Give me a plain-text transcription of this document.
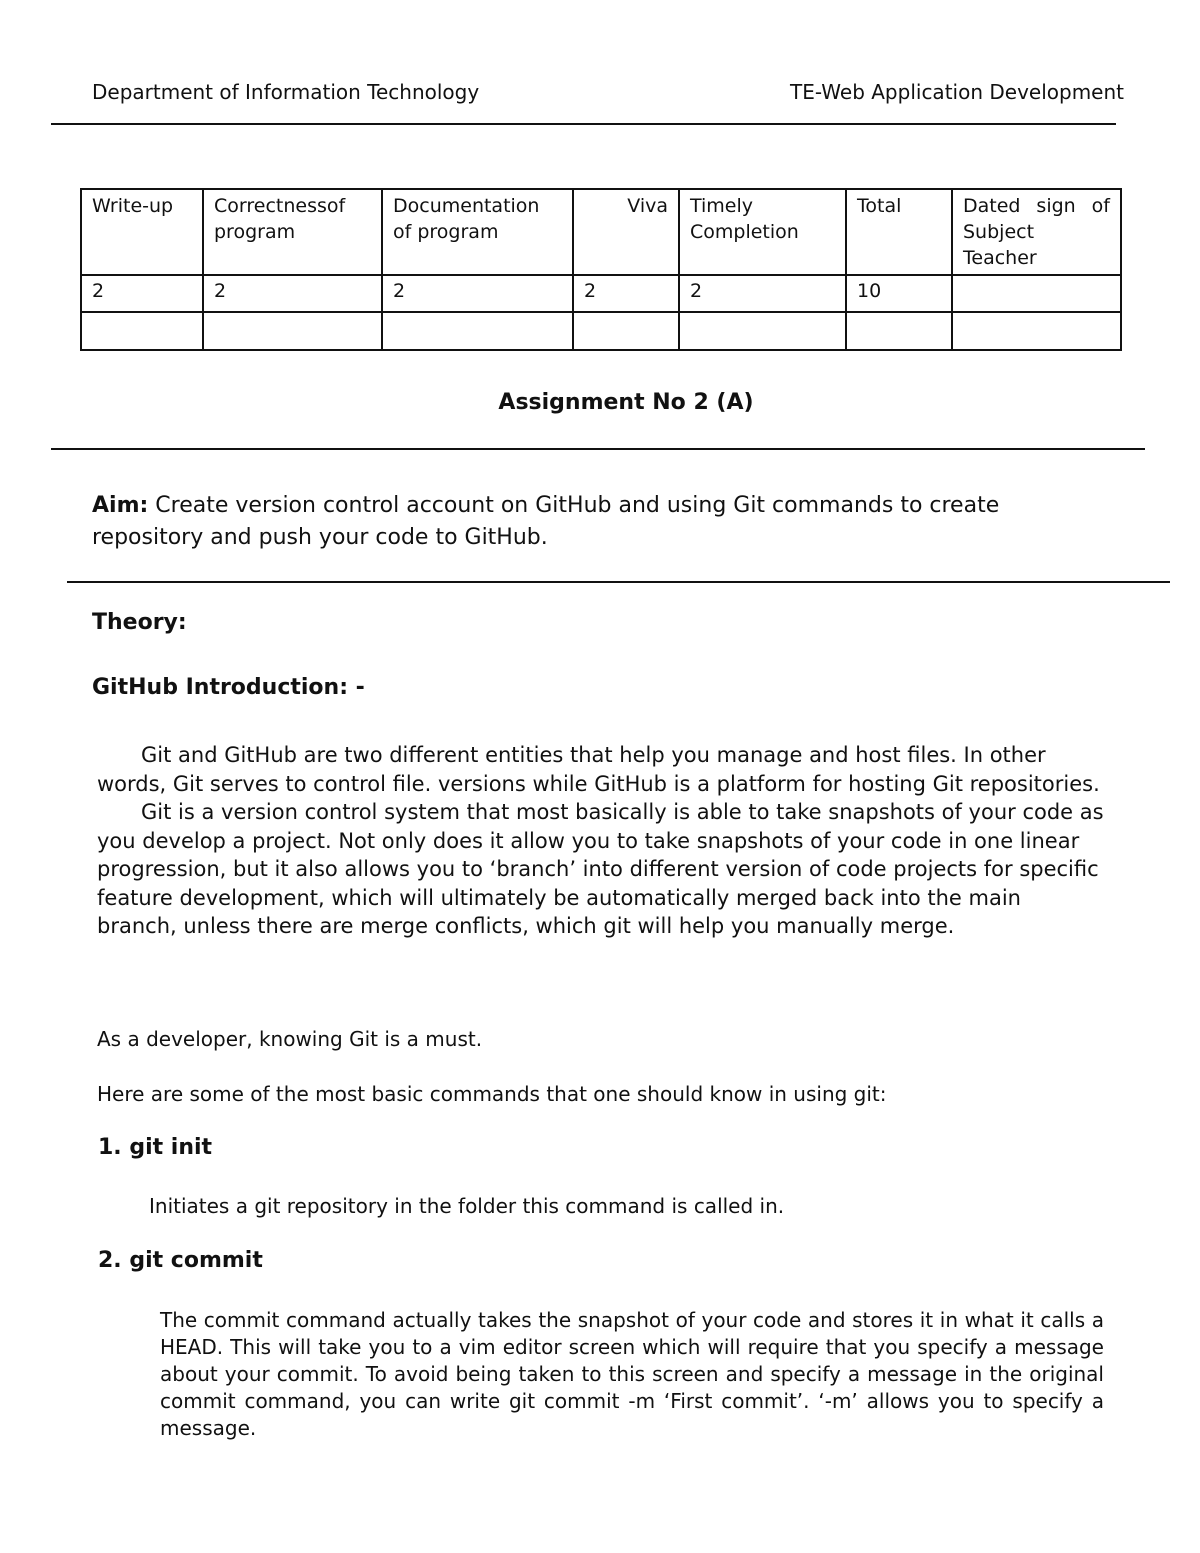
Department of Information Technology	TE-Web Application Development
Write-up	Correctnessof program	Documentation of program	Viva	Timely Completion	Total	Dated sign of Subject Teacher
2	2	2	2	2	10	

Assignment No 2 (A)
Aim: Create version control account on GitHub and using Git commands to create repository and push your code to GitHub.
Theory:
GitHub Introduction: -
Git and GitHub are two different entities that help you manage and host files. In other words, Git serves to control file. versions while GitHub is a platform for hosting Git repositories.
Git is a version control system that most basically is able to take snapshots of your code as you develop a project. Not only does it allow you to take snapshots of your code in one linear progression, but it also allows you to ‘branch’ into different version of code projects for specific feature development, which will ultimately be automatically merged back into the main branch, unless there are merge conflicts, which git will help you manually merge.
As a developer, knowing Git is a must.
Here are some of the most basic commands that one should know in using git:
1. git init
Initiates a git repository in the folder this command is called in.
2. git commit
The commit command actually takes the snapshot of your code and stores it in what it calls a HEAD. This will take you to a vim editor screen which will require that you specify a message about your commit. To avoid being taken to this screen and specify a message in the original commit command, you can write git commit -m ‘First commit’. ‘-m’ allows you to specify a message.
